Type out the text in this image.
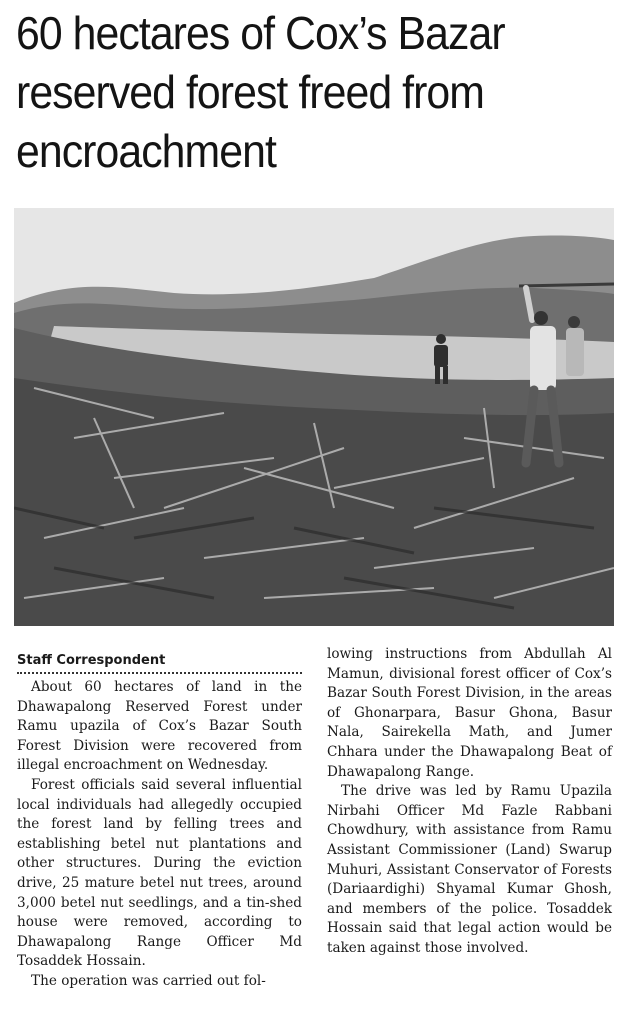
60 hectares of Cox’s Bazar reserved forest freed from encroachment
Staff Correspondent

About 60 hectares of land in the Dhawapalong Reserved Forest under Ramu upazila of Cox’s Bazar South Forest Division were recovered from illegal encroachment on Wednesday.

Forest officials said several influential local individuals had allegedly occupied the forest land by felling trees and establishing betel nut plantations and other structures. During the eviction drive, 25 mature betel nut trees, around 3,000 betel nut seedlings, and a tin-shed house were removed, according to Dhawapalong Range Officer Md Tosaddek Hossain.

The operation was carried out fol-

lowing instructions from Abdullah Al Mamun, divisional forest officer of Cox’s Bazar South Forest Division, in the areas of Ghonarpara, Basur Ghona, Basur Nala, Sairekella Math, and Jumer Chhara under the Dhawapalong Beat of Dhawapalong Range.

The drive was led by Ramu Upazila Nirbahi Officer Md Fazle Rabbani Chowdhury, with assistance from Ramu Assistant Commissioner (Land) Swarup Muhuri, Assistant Conservator of Forests (Dariaardighi) Shyamal Kumar Ghosh, and members of the police. Tosaddek Hossain said that legal action would be taken against those involved.
